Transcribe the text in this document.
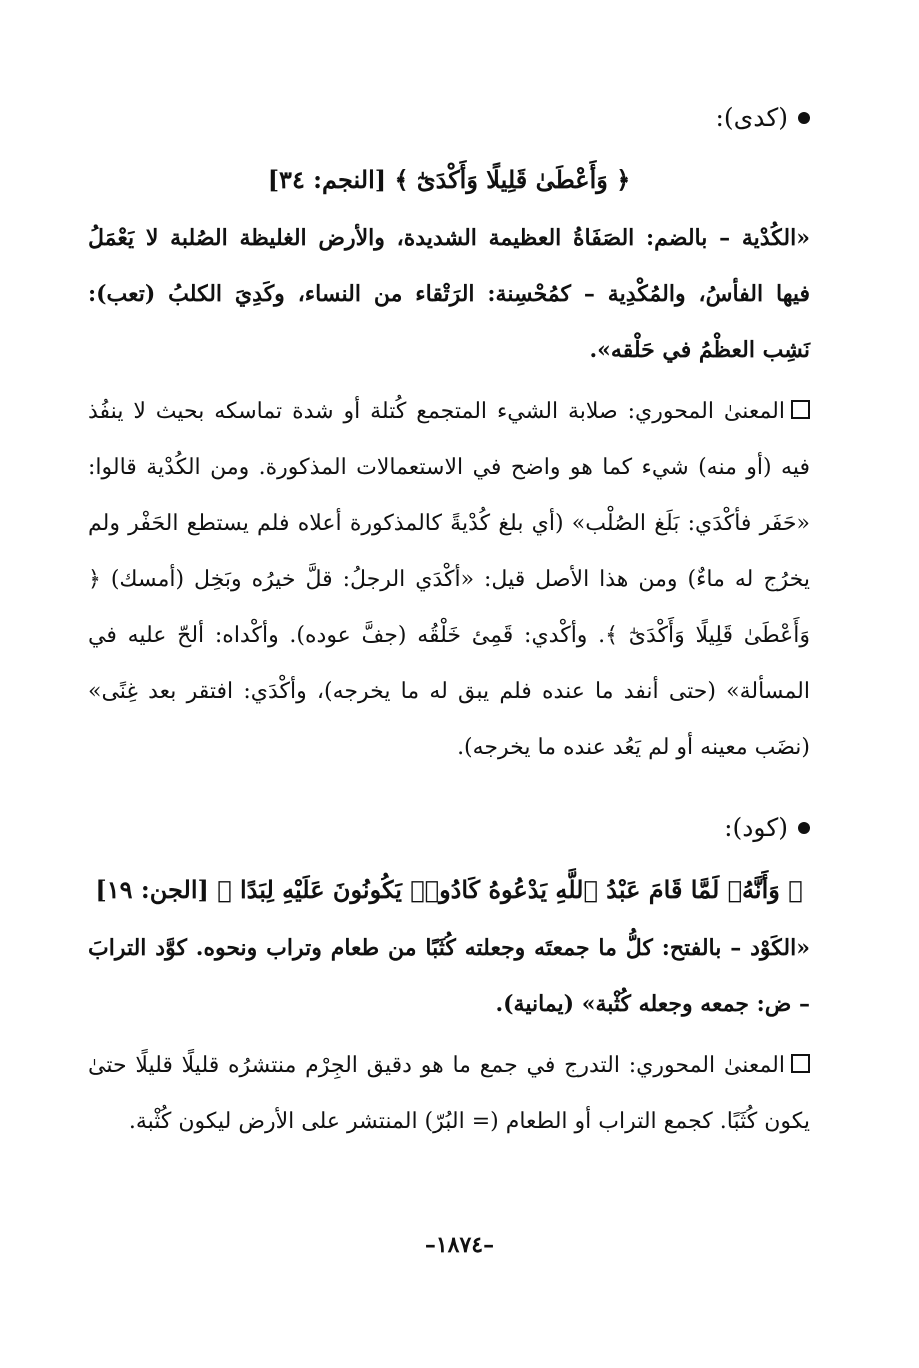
(كدى):
﴿ وَأَعْطَىٰ قَلِيلًا وَأَكْدَىٰٓ ﴾ [النجم: ٣٤]

«الكُدْية – بالضم: الصَفَاةُ العظيمة الشديدة، والأرض الغليظة الصُلبة لا يَعْمَلُ فيها الفأسُ، والمُكْدِية – كمُحْسِنة: الرَتْقاء من النساء، وكَدِيَ الكلبُ (تعب): نَشِب العظْمُ في حَلْقه».

المعنىٰ المحوري: صلابة الشيء المتجمع كُتلة أو شدة تماسكه بحيث لا ينفُذ فيه (أو منه) شيء كما هو واضح في الاستعمالات المذكورة. ومن الكُدْية قالوا: «حَفَر فأكْدَي: بَلَغ الصُلْب» (أي بلغ كُدْيةً كالمذكورة أعلاه فلم يستطع الحَفْر ولم يخرُج له ماءٌ) ومن هذا الأصل قيل: «أكْدَي الرجلُ: قلَّ خيرُه وبَخِل (أمسك) ﴿ وَأَعْطَىٰ قَلِيلًا وَأَكْدَىٰٓ ﴾. وأكْدي: قَمِئ خَلْقُه (جفَّ عوده). وأكْداه: ألحّ عليه في المسألة» (حتى أنفد ما عنده فلم يبق له ما يخرجه)، وأكْدَي: افتقر بعد غِنًى» (نضَب معينه أو لم يَعُد عنده ما يخرجه).

(كود):
﴿ وَأَنَّهُۥ لَمَّا قَامَ عَبْدُ ٱللَّهِ يَدْعُوهُ كَادُوا۟ يَكُونُونَ عَلَيْهِ لِبَدًا ﴾ [الجن: ١٩]

«الكَوْد – بالفتح: كلُّ ما جمعتَه وجعلته كُثَبًا من طعام وتراب ونحوه. كوَّد الترابَ – ض: جمعه وجعله كُثْبة» (يمانية).

المعنىٰ المحوري: التدرج في جمع ما هو دقيق الجِرْم منتشرُه قليلًا قليلًا حتىٰ يكون كُثَبًا. كجمع التراب أو الطعام (= البُرّ) المنتشر على الأرض ليكون كُثْبة.

–١٨٧٤–
